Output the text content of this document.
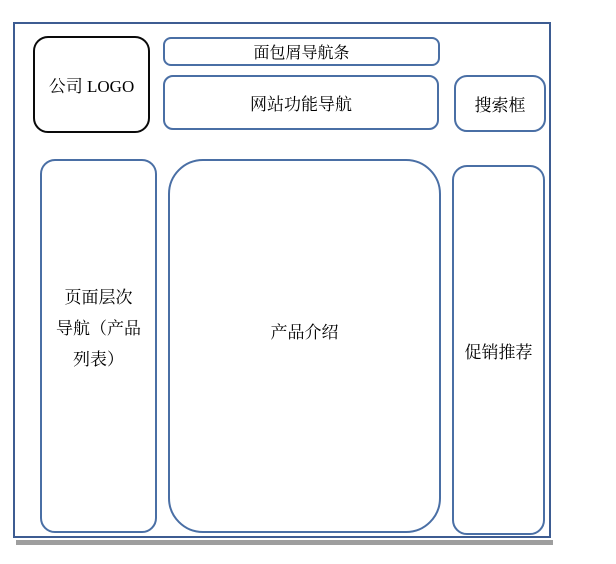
公司 LOGO
面包屑导航条
网站功能导航	搜索框
页面层次
导航（产品
列表）
产品介绍
促销推荐
